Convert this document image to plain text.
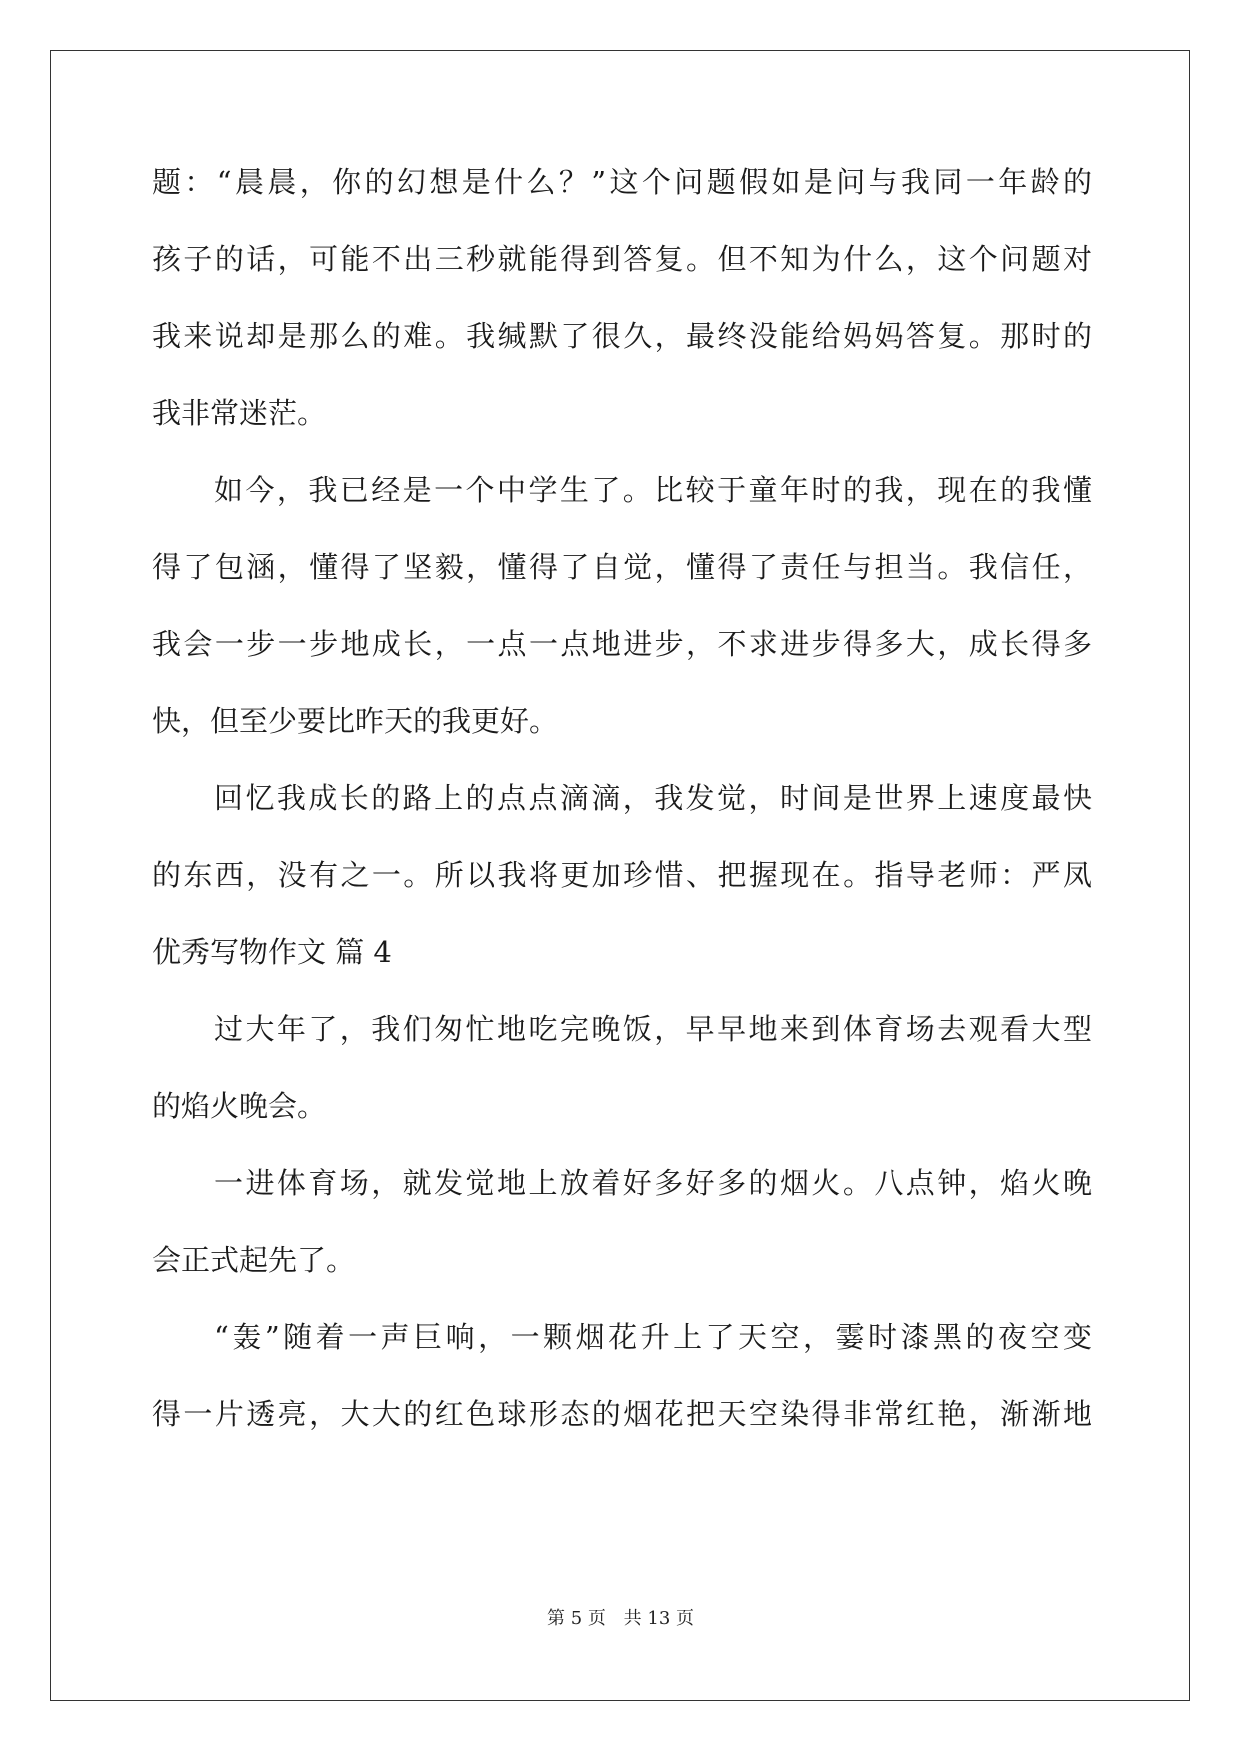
题：“晨晨，你的幻想是什么？”这个问题假如是问与我同一年龄的
孩子的话，可能不出三秒就能得到答复。但不知为什么，这个问题对
我来说却是那么的难。我缄默了很久，最终没能给妈妈答复。那时的
我非常迷茫。
如今，我已经是一个中学生了。比较于童年时的我，现在的我懂
得了包涵，懂得了坚毅，懂得了自觉，懂得了责任与担当。我信任，
我会一步一步地成长，一点一点地进步，不求进步得多大，成长得多
快，但至少要比昨天的我更好。
回忆我成长的路上的点点滴滴，我发觉，时间是世界上速度最快
的东西，没有之一。所以我将更加珍惜、把握现在。指导老师：严凤
优秀写物作文 篇 4
过大年了，我们匆忙地吃完晚饭，早早地来到体育场去观看大型
的焰火晚会。
一进体育场，就发觉地上放着好多好多的烟火。八点钟，焰火晚
会正式起先了。
“轰”随着一声巨响，一颗烟花升上了天空，霎时漆黑的夜空变
得一片透亮，大大的红色球形态的烟花把天空染得非常红艳，渐渐地
第 5 页 共 13 页
